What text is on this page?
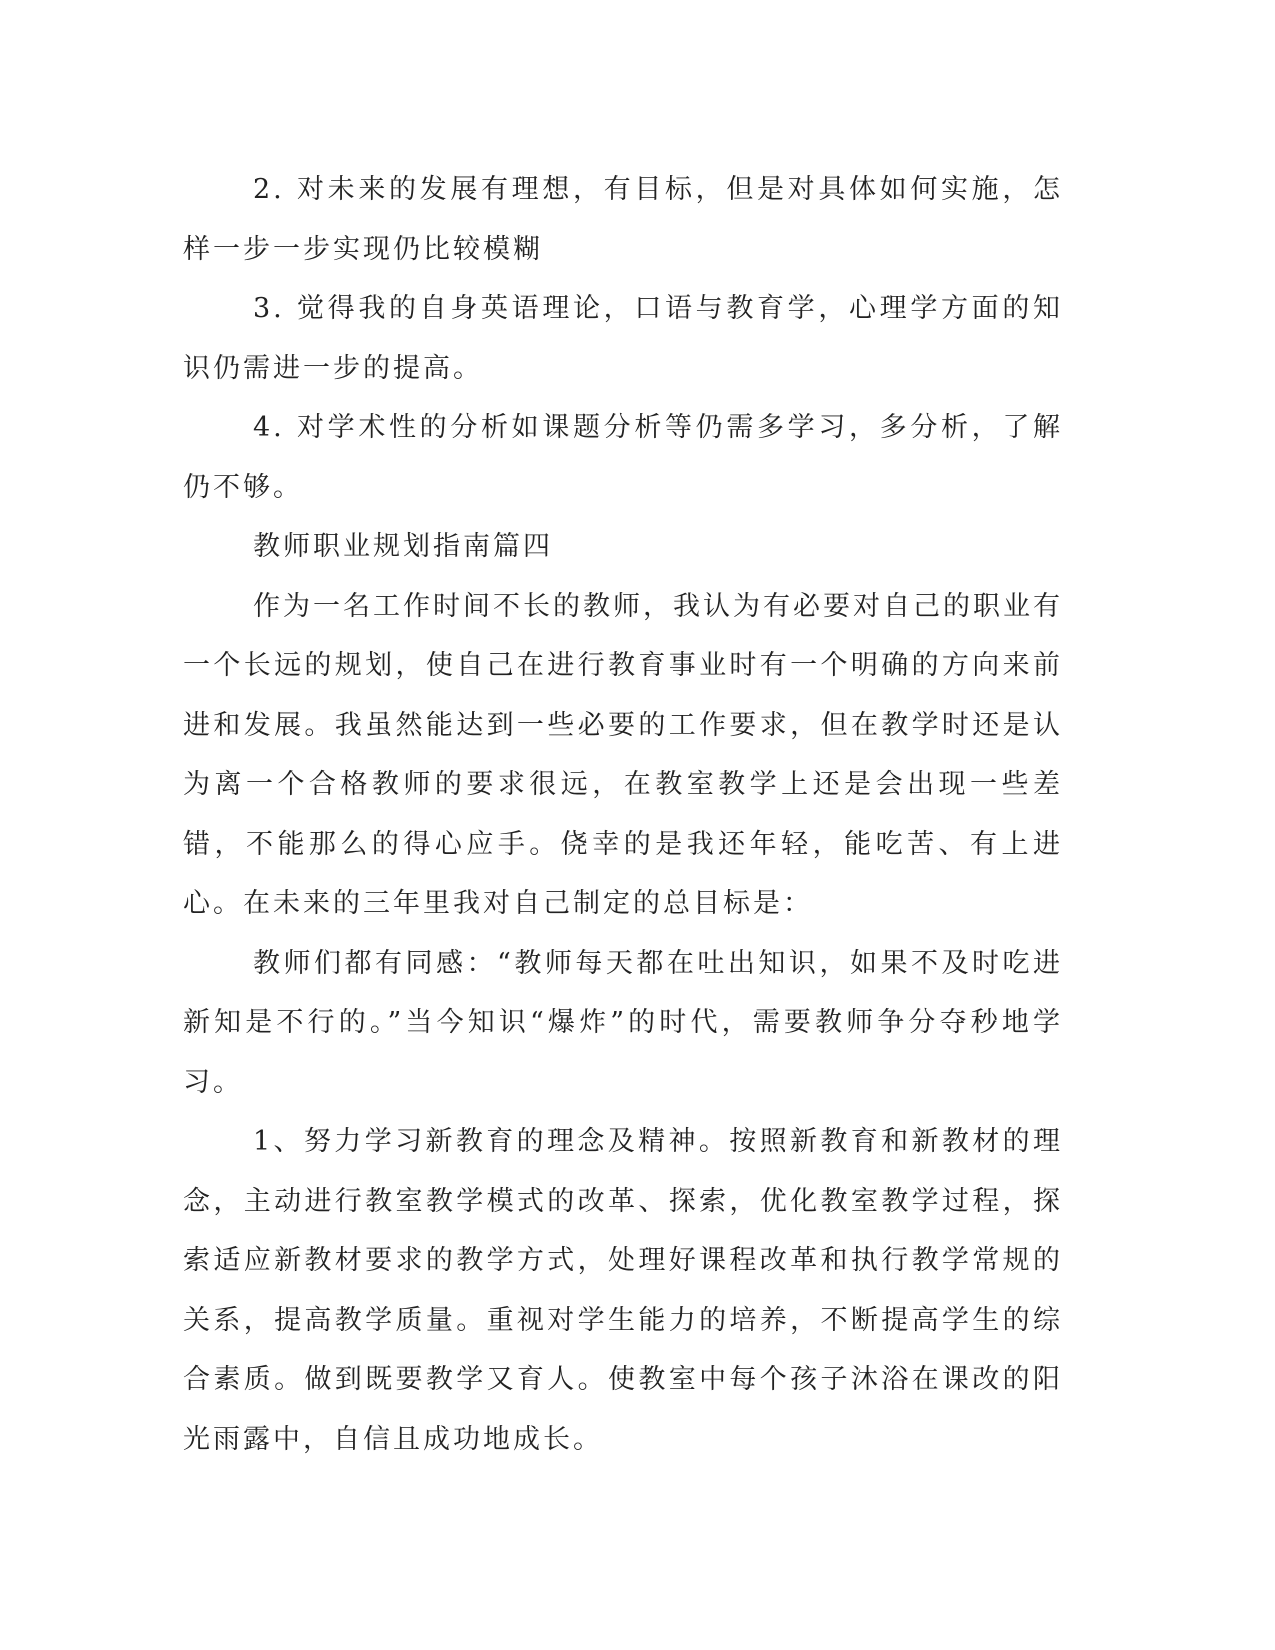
2. 对未来的发展有理想，有目标，但是对具体如何实施，怎样一步一步实现仍比较模糊

3. 觉得我的自身英语理论，口语与教育学，心理学方面的知识仍需进一步的提高。

4. 对学术性的分析如课题分析等仍需多学习，多分析，了解仍不够。

教师职业规划指南篇四

作为一名工作时间不长的教师，我认为有必要对自己的职业有一个长远的规划，使自己在进行教育事业时有一个明确的方向来前进和发展。我虽然能达到一些必要的工作要求，但在教学时还是认为离一个合格教师的要求很远，在教室教学上还是会出现一些差错，不能那么的得心应手。侥幸的是我还年轻，能吃苦、有上进心。在未来的三年里我对自己制定的总目标是：

教师们都有同感：“教师每天都在吐出知识，如果不及时吃进新知是不行的。”当今知识“爆炸”的时代，需要教师争分夺秒地学习。

1、努力学习新教育的理念及精神。按照新教育和新教材的理念，主动进行教室教学模式的改革、探索，优化教室教学过程，探索适应新教材要求的教学方式，处理好课程改革和执行教学常规的关系，提高教学质量。重视对学生能力的培养，不断提高学生的综合素质。做到既要教学又育人。使教室中每个孩子沐浴在课改的阳光雨露中，自信且成功地成长。
